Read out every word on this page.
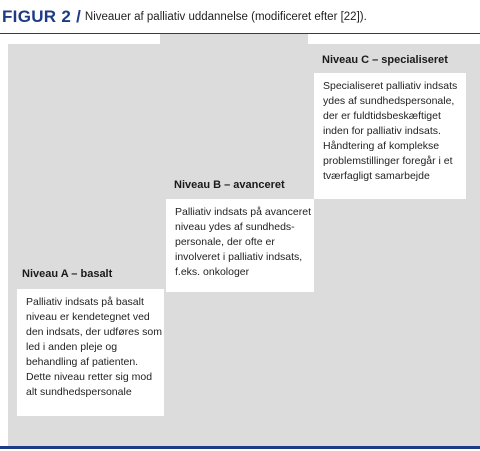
FIGUR 2 / Niveauer af palliativ uddannelse (modificeret efter [22]).
Niveau A – basalt
Palliativ indsats på basalt
niveau er kendetegnet ved
den indsats, der udføres som
led i anden pleje og
behandling af patienten.
Dette niveau retter sig mod
alt sundhedspersonale
Niveau B – avanceret
Palliativ indsats på avanceret
niveau ydes af sundheds-
personale, der ofte er
involveret i palliativ indsats,
f.eks. onkologer
Niveau C – specialiseret
Specialiseret palliativ indsats
ydes af sundhedspersonale,
der er fuldtidsbeskæftiget
inden for palliativ indsats.
Håndtering af komplekse
problemstillinger foregår i et
tværfagligt samarbejde
